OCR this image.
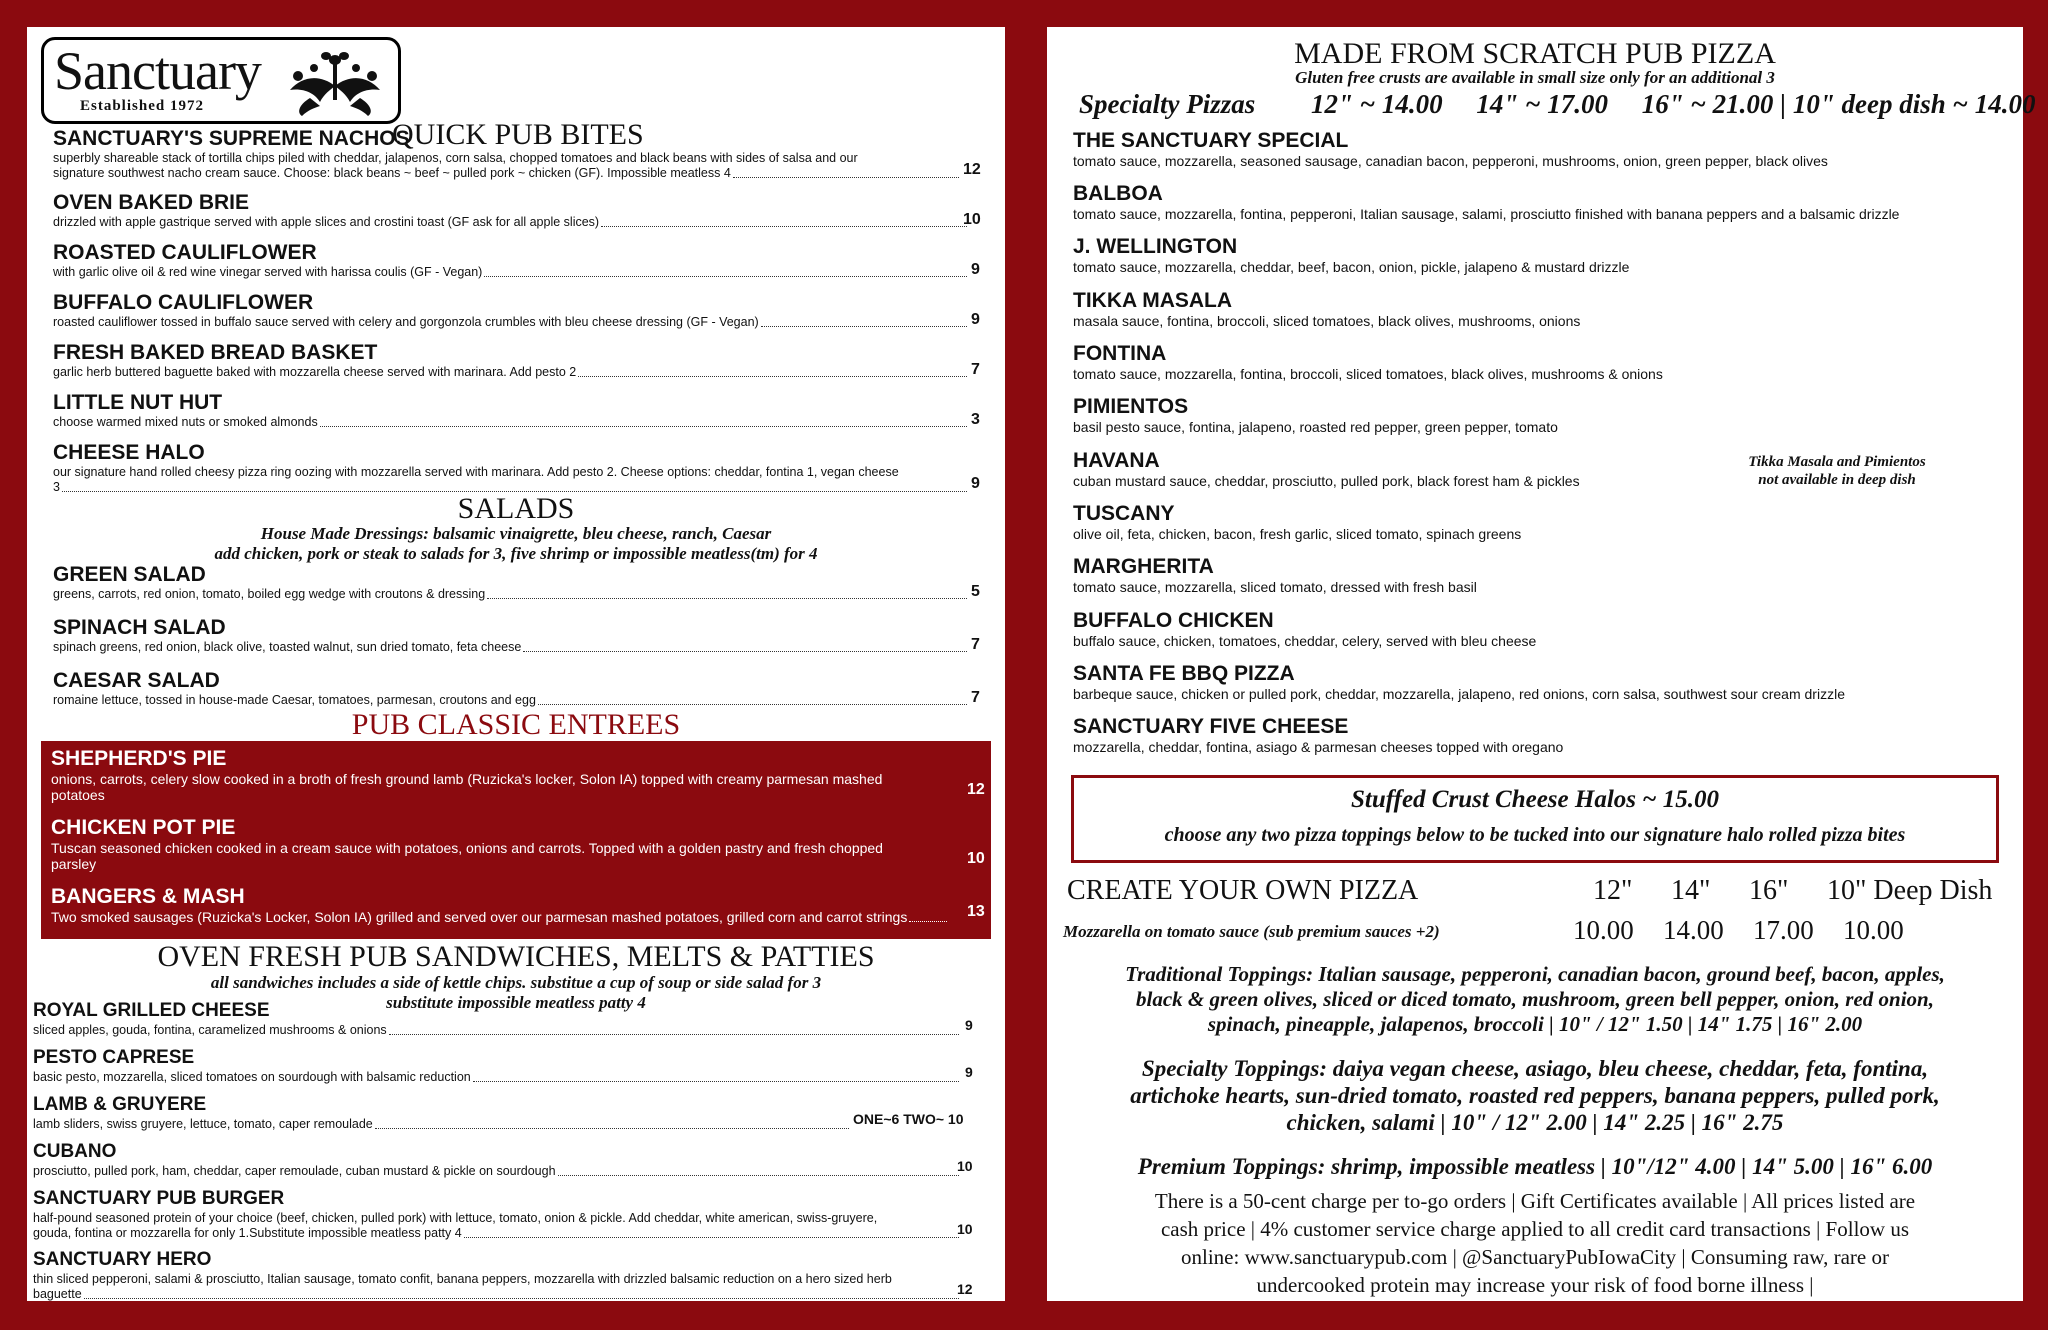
Sanctuary
Established 1972
QUICK PUB BITES
SANCTUARY'S SUPREME NACHOS
superbly shareable stack of tortilla chips piled with cheddar, jalapenos, corn salsa, chopped tomatoes and black beans with sides of salsa and our
signature southwest nacho cream sauce. Choose: black beans ~ beef ~ pulled pork ~ chicken (GF). Impossible meatless 4	12
OVEN BAKED BRIE
drizzled with apple gastrique served with apple slices and crostini toast (GF ask for all apple slices)	10
ROASTED CAULIFLOWER
with garlic olive oil & red wine vinegar served with harissa coulis (GF - Vegan)	9
BUFFALO CAULIFLOWER
roasted cauliflower tossed in buffalo sauce served with celery and gorgonzola crumbles with bleu cheese dressing (GF - Vegan)	9
FRESH BAKED BREAD BASKET
garlic herb buttered baguette baked with mozzarella cheese served with marinara. Add pesto 2	7
LITTLE NUT HUT
choose warmed mixed nuts or smoked almonds	3
CHEESE HALO
our signature hand rolled cheesy pizza ring oozing with mozzarella served with marinara. Add pesto 2. Cheese options: cheddar, fontina 1, vegan cheese
3	9
SALADS
House Made Dressings: balsamic vinaigrette, bleu cheese, ranch, Caesar
add chicken, pork or steak to salads for 3, five shrimp or impossible meatless(tm) for 4
GREEN SALAD
greens, carrots, red onion, tomato, boiled egg wedge with croutons & dressing	5
SPINACH SALAD
spinach greens, red onion, black olive, toasted walnut, sun dried tomato, feta cheese	7
CAESAR SALAD
romaine lettuce, tossed in house-made Caesar, tomatoes, parmesan, croutons and egg	7
PUB CLASSIC ENTREES
SHEPHERD'S PIE
onions, carrots, celery slow cooked in a broth of fresh ground lamb (Ruzicka's locker, Solon IA) topped with creamy parmesan mashed
potatoes	12
CHICKEN POT PIE
Tuscan seasoned chicken cooked in a cream sauce with potatoes, onions and carrots. Topped with a golden pastry and fresh chopped
parsley	10
BANGERS & MASH
Two smoked sausages (Ruzicka's Locker, Solon IA) grilled and served over our parmesan mashed potatoes, grilled corn and carrot strings	13
OVEN FRESH PUB SANDWICHES, MELTS & PATTIES
all sandwiches includes a side of kettle chips. substitue a cup of soup or side salad for 3
substitute impossible meatless patty 4
ROYAL GRILLED CHEESE
sliced apples, gouda, fontina, caramelized mushrooms & onions	9
PESTO CAPRESE
basic pesto, mozzarella, sliced tomatoes on sourdough with balsamic reduction	9
LAMB & GRUYERE
lamb sliders, swiss gruyere, lettuce, tomato, caper remoulade	ONE~6 TWO~ 10
CUBANO
prosciutto, pulled pork, ham, cheddar, caper remoulade, cuban mustard & pickle on sourdough	10
SANCTUARY PUB BURGER
half-pound seasoned protein of your choice (beef, chicken, pulled pork) with lettuce, tomato, onion & pickle. Add cheddar, white american, swiss-gruyere,
gouda, fontina or mozzarella for only 1.Substitute impossible meatless patty 4	10
SANCTUARY HERO
thin sliced pepperoni, salami & prosciutto, Italian sausage, tomato confit, banana peppers, mozzarella with drizzled balsamic reduction on a hero sized herb
baguette	12
MADE FROM SCRATCH PUB PIZZA
Gluten free crusts are available in small size only for an additional 3
Specialty Pizzas 12" ~ 14.00     14" ~ 17.00     16" ~ 21.00 | 10" deep dish ~ 14.00
THE SANCTUARY SPECIAL
tomato sauce, mozzarella, seasoned sausage, canadian bacon, pepperoni, mushrooms, onion, green pepper, black olives
BALBOA
tomato sauce, mozzarella, fontina, pepperoni, Italian sausage, salami, prosciutto finished with banana peppers and a balsamic drizzle
J. WELLINGTON
tomato sauce, mozzarella, cheddar, beef, bacon, onion, pickle, jalapeno & mustard drizzle
TIKKA MASALA
masala sauce, fontina, broccoli, sliced tomatoes, black olives, mushrooms, onions
FONTINA
tomato sauce, mozzarella, fontina, broccoli, sliced tomatoes, black olives, mushrooms & onions
PIMIENTOS
basil pesto sauce, fontina, jalapeno, roasted red pepper, green pepper, tomato
HAVANA
cuban mustard sauce, cheddar, prosciutto, pulled pork, black forest ham & pickles
TUSCANY
olive oil, feta, chicken, bacon, fresh garlic, sliced tomato, spinach greens
MARGHERITA
tomato sauce, mozzarella, sliced tomato, dressed with fresh basil
BUFFALO CHICKEN
buffalo sauce, chicken, tomatoes, cheddar, celery, served with bleu cheese
SANTA FE BBQ PIZZA
barbeque sauce, chicken or pulled pork, cheddar, mozzarella, jalapeno, red onions, corn salsa, southwest sour cream drizzle
SANCTUARY FIVE CHEESE
mozzarella, cheddar, fontina, asiago & parmesan cheeses topped with oregano
Tikka Masala and Pimientos
not available in deep dish
Stuffed Crust Cheese Halos ~ 15.00
choose any two pizza toppings below to be tucked into our signature halo rolled pizza bites
CREATE YOUR OWN PIZZA	12" 14" 16" 10" Deep Dish
Mozzarella on tomato sauce (sub premium sauces +2)	10.00 14.00 17.00 10.00
Traditional Toppings: Italian sausage, pepperoni, canadian bacon, ground beef, bacon, apples,
black & green olives, sliced or diced tomato, mushroom, green bell pepper, onion, red onion,
spinach, pineapple, jalapenos, broccoli | 10" / 12" 1.50 | 14" 1.75 | 16" 2.00
Specialty Toppings: daiya vegan cheese, asiago, bleu cheese, cheddar, feta, fontina,
artichoke hearts, sun-dried tomato, roasted red peppers, banana peppers, pulled pork,
chicken, salami | 10" / 12" 2.00 | 14" 2.25 | 16" 2.75
Premium Toppings: shrimp, impossible meatless | 10"/12" 4.00 | 14" 5.00 | 16" 6.00
There is a 50-cent charge per to-go orders | Gift Certificates available | All prices listed are
cash price | 4% customer service charge applied to all credit card transactions | Follow us
online: www.sanctuarypub.com | @SanctuaryPubIowaCity | Consuming raw, rare or
undercooked protein may increase your risk of food borne illness |
